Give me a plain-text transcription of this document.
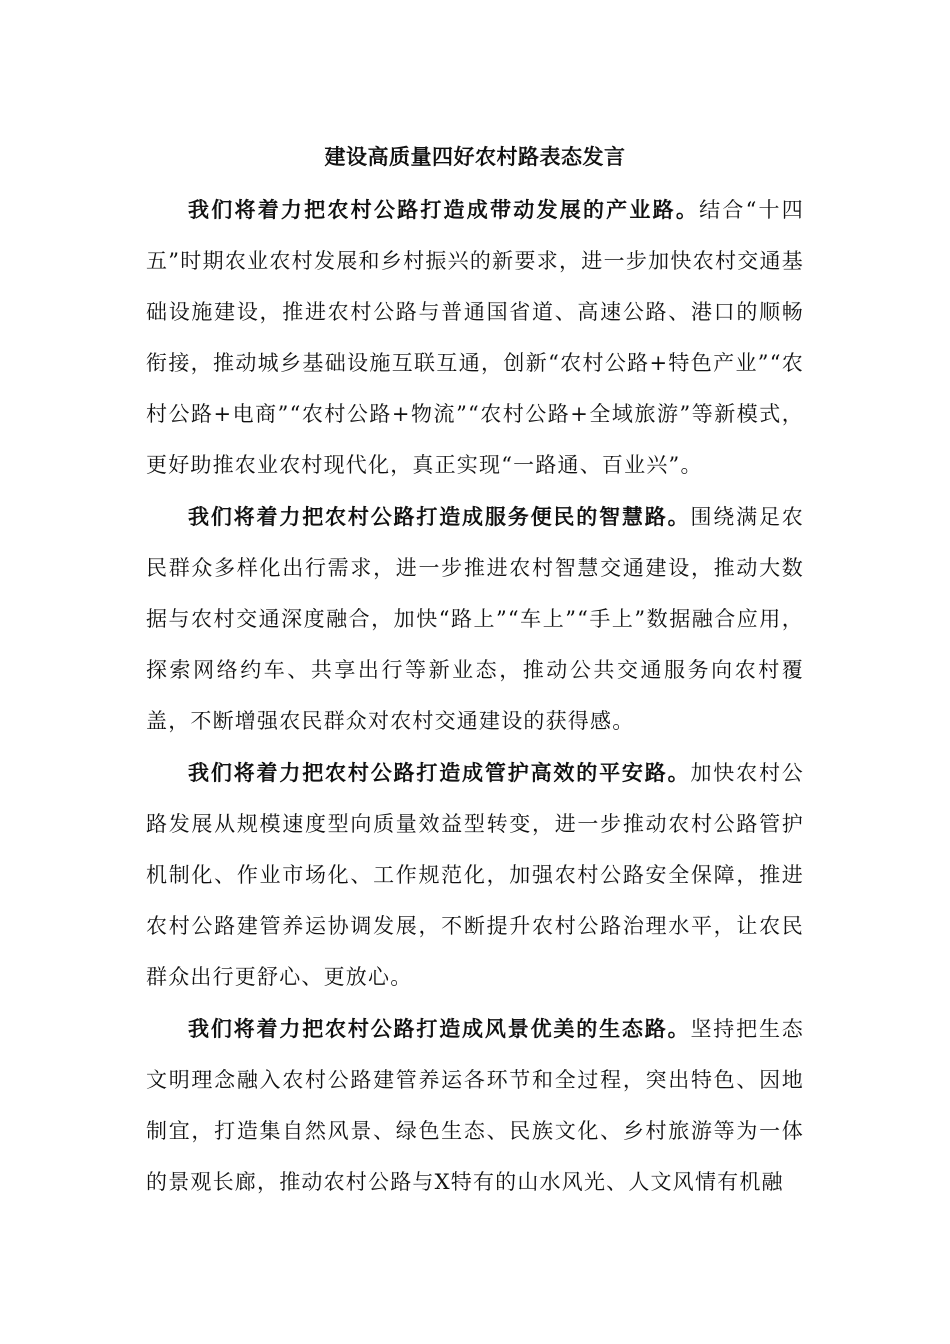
建设高质量四好农村路表态发言

我们将着力把农村公路打造成带动发展的产业路。结合“十四五”时期农业农村发展和乡村振兴的新要求，进一步加快农村交通基础设施建设，推进农村公路与普通国省道、高速公路、港口的顺畅衔接，推动城乡基础设施互联互通，创新“农村公路+特色产业”“农村公路+电商”“农村公路+物流”“农村公路+全域旅游”等新模式，更好助推农业农村现代化，真正实现“一路通、百业兴”。

我们将着力把农村公路打造成服务便民的智慧路。围绕满足农民群众多样化出行需求，进一步推进农村智慧交通建设，推动大数据与农村交通深度融合，加快“路上”“车上”“手上”数据融合应用，探索网络约车、共享出行等新业态，推动公共交通服务向农村覆盖，不断增强农民群众对农村交通建设的获得感。

我们将着力把农村公路打造成管护高效的平安路。加快农村公路发展从规模速度型向质量效益型转变，进一步推动农村公路管护机制化、作业市场化、工作规范化，加强农村公路安全保障，推进农村公路建管养运协调发展，不断提升农村公路治理水平，让农民群众出行更舒心、更放心。

我们将着力把农村公路打造成风景优美的生态路。坚持把生态文明理念融入农村公路建管养运各环节和全过程，突出特色、因地制宜，打造集自然风景、绿色生态、民族文化、乡村旅游等为一体的景观长廊，推动农村公路与X特有的山水风光、人文风情有机融
